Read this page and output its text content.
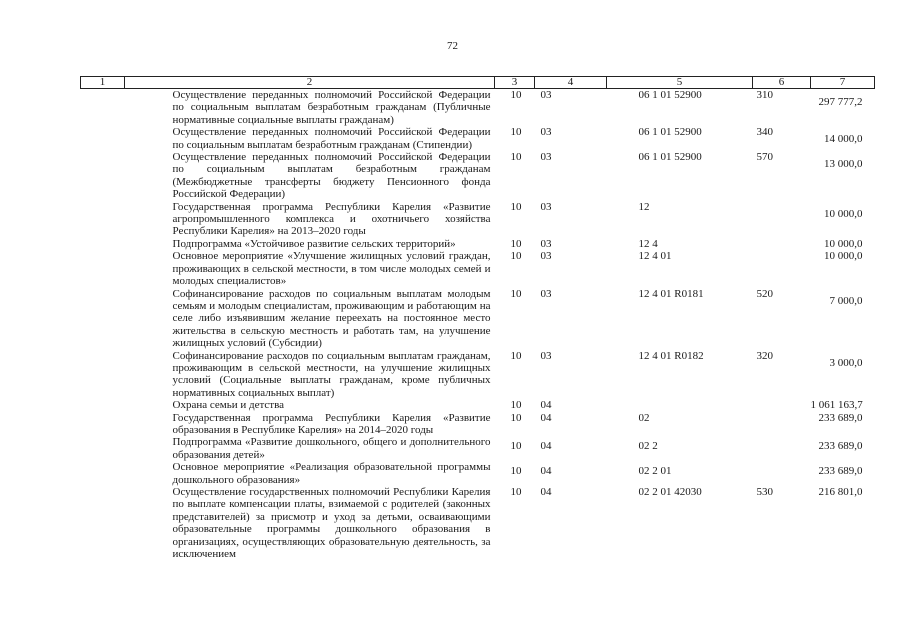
72
1	2	3	4	5	6	7
	Осуществление переданных полномочий Российской Федерации по социальным выплатам безработным гражданам (Публичные нормативные социальные выплаты гражданам)	10	03	06 1 01 52900	310	297 777,2
	Осуществление переданных полномочий Российской Федерации по социальным выплатам безработным гражданам (Стипендии)	10	03	06 1 01 52900	340	14 000,0
	Осуществление переданных полномочий Российской Федерации по социальным выплатам безработным гражданам (Межбюджетные трансферты бюджету Пенсионного фонда Российской Федерации)	10	03	06 1 01 52900	570	13 000,0
	Государственная программа Республики Карелия «Развитие агропромышленного комплекса и охотничьего хозяйства Республики Карелия» на 2013–2020 годы	10	03	12		10 000,0
	Подпрограмма «Устойчивое развитие сельских территорий»	10	03	12 4		10 000,0
	Основное мероприятие «Улучшение жилищных условий граждан, проживающих в сельской местности, в том числе молодых семей и молодых специалистов»	10	03	12 4 01		10 000,0
	Софинансирование расходов по социальным выплатам молодым семьям и молодым специалистам, проживающим и работающим на селе либо изъявившим желание переехать на постоянное место жительства в сельскую местность и работать там, на улучшение жилищных условий (Субсидии)	10	03	12 4 01 R0181	520	7 000,0
	Софинансирование расходов по социальным выплатам гражданам, проживающим в сельской местности, на улучшение жилищных условий (Социальные выплаты гражданам, кроме публичных нормативных социальных выплат)	10	03	12 4 01 R0182	320	3 000,0
	Охрана семьи и детства	10	04			1 061 163,7
	Государственная программа Республики Карелия «Развитие образования в Республике Карелия» на 2014–2020 годы	10	04	02		233 689,0
	Подпрограмма «Развитие дошкольного, общего и дополнительного образования детей»	10	04	02 2		233 689,0
	Основное мероприятие «Реализация образовательной программы дошкольного образования»	10	04	02 2 01		233 689,0
	Осуществление государственных полномочий Республики Карелия по выплате компенсации платы, взимаемой с родителей (законных представителей) за присмотр и уход за детьми, осваивающими образовательные программы дошкольного образования в организациях, осуществляющих образовательную деятельность, за исключением	10	04	02 2 01 42030	530	216 801,0
